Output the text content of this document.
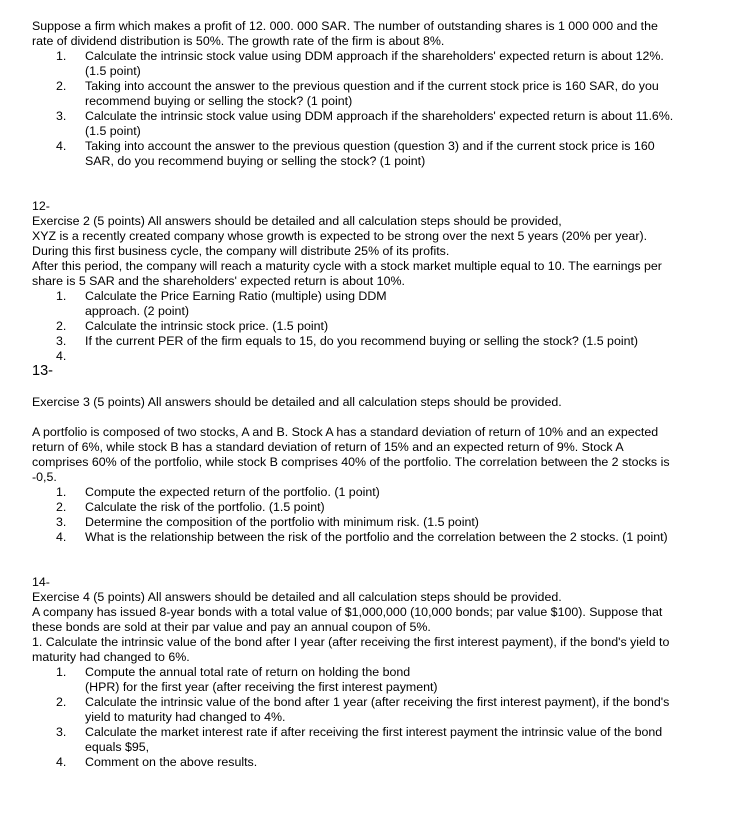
Suppose a firm which makes a profit of 12. 000. 000 SAR. The number of outstanding shares is 1 000 000 and the

rate of dividend distribution is 50%. The growth rate of the firm is about 8%.

1. Calculate the intrinsic stock value using DDM approach if the shareholders' expected return is about 12%.
(1.5 point)
2. Taking into account the answer to the previous question and if the current stock price is 160 SAR, do you
recommend buying or selling the stock? (1 point)
3. Calculate the intrinsic stock value using DDM approach if the shareholders' expected return is about 11.6%.
(1.5 point)
4. Taking into account the answer to the previous question (question 3) and if the current stock price is 160
SAR, do you recommend buying or selling the stock? (1 point)

12-

Exercise 2 (5 points) All answers should be detailed and all calculation steps should be provided,

XYZ is a recently created company whose growth is expected to be strong over the next 5 years (20% per year).

During this first business cycle, the company will distribute 25% of its profits.

After this period, the company will reach a maturity cycle with a stock market multiple equal to 10. The earnings per

share is 5 SAR and the shareholders' expected return is about 10%.

1. Calculate the Price Earning Ratio (multiple) using DDM
approach. (2 point)
2. Calculate the intrinsic stock price. (1.5 point)
3. If the current PER of the firm equals to 15, do you recommend buying or selling the stock? (1.5 point)
4.

13-

Exercise 3 (5 points) All answers should be detailed and all calculation steps should be provided.

A portfolio is composed of two stocks, A and B. Stock A has a standard deviation of return of 10% and an expected

return of 6%, while stock B has a standard deviation of return of 15% and an expected return of 9%. Stock A

comprises 60% of the portfolio, while stock B comprises 40% of the portfolio. The correlation between the 2 stocks is

-0,5.

1. Compute the expected return of the portfolio. (1 point)
2. Calculate the risk of the portfolio. (1.5 point)
3. Determine the composition of the portfolio with minimum risk. (1.5 point)
4. What is the relationship between the risk of the portfolio and the correlation between the 2 stocks. (1 point)

14-

Exercise 4 (5 points) All answers should be detailed and all calculation steps should be provided.

A company has issued 8-year bonds with a total value of $1,000,000 (10,000 bonds; par value $100). Suppose that

these bonds are sold at their par value and pay an annual coupon of 5%.

1. Calculate the intrinsic value of the bond after I year (after receiving the first interest payment), if the bond's yield to

maturity had changed to 6%.

1. Compute the annual total rate of return on holding the bond
(HPR) for the first year (after receiving the first interest payment)
2. Calculate the intrinsic value of the bond after 1 year (after receiving the first interest payment), if the bond's
yield to maturity had changed to 4%.
3. Calculate the market interest rate if after receiving the first interest payment the intrinsic value of the bond
equals $95,
4. Comment on the above results.
